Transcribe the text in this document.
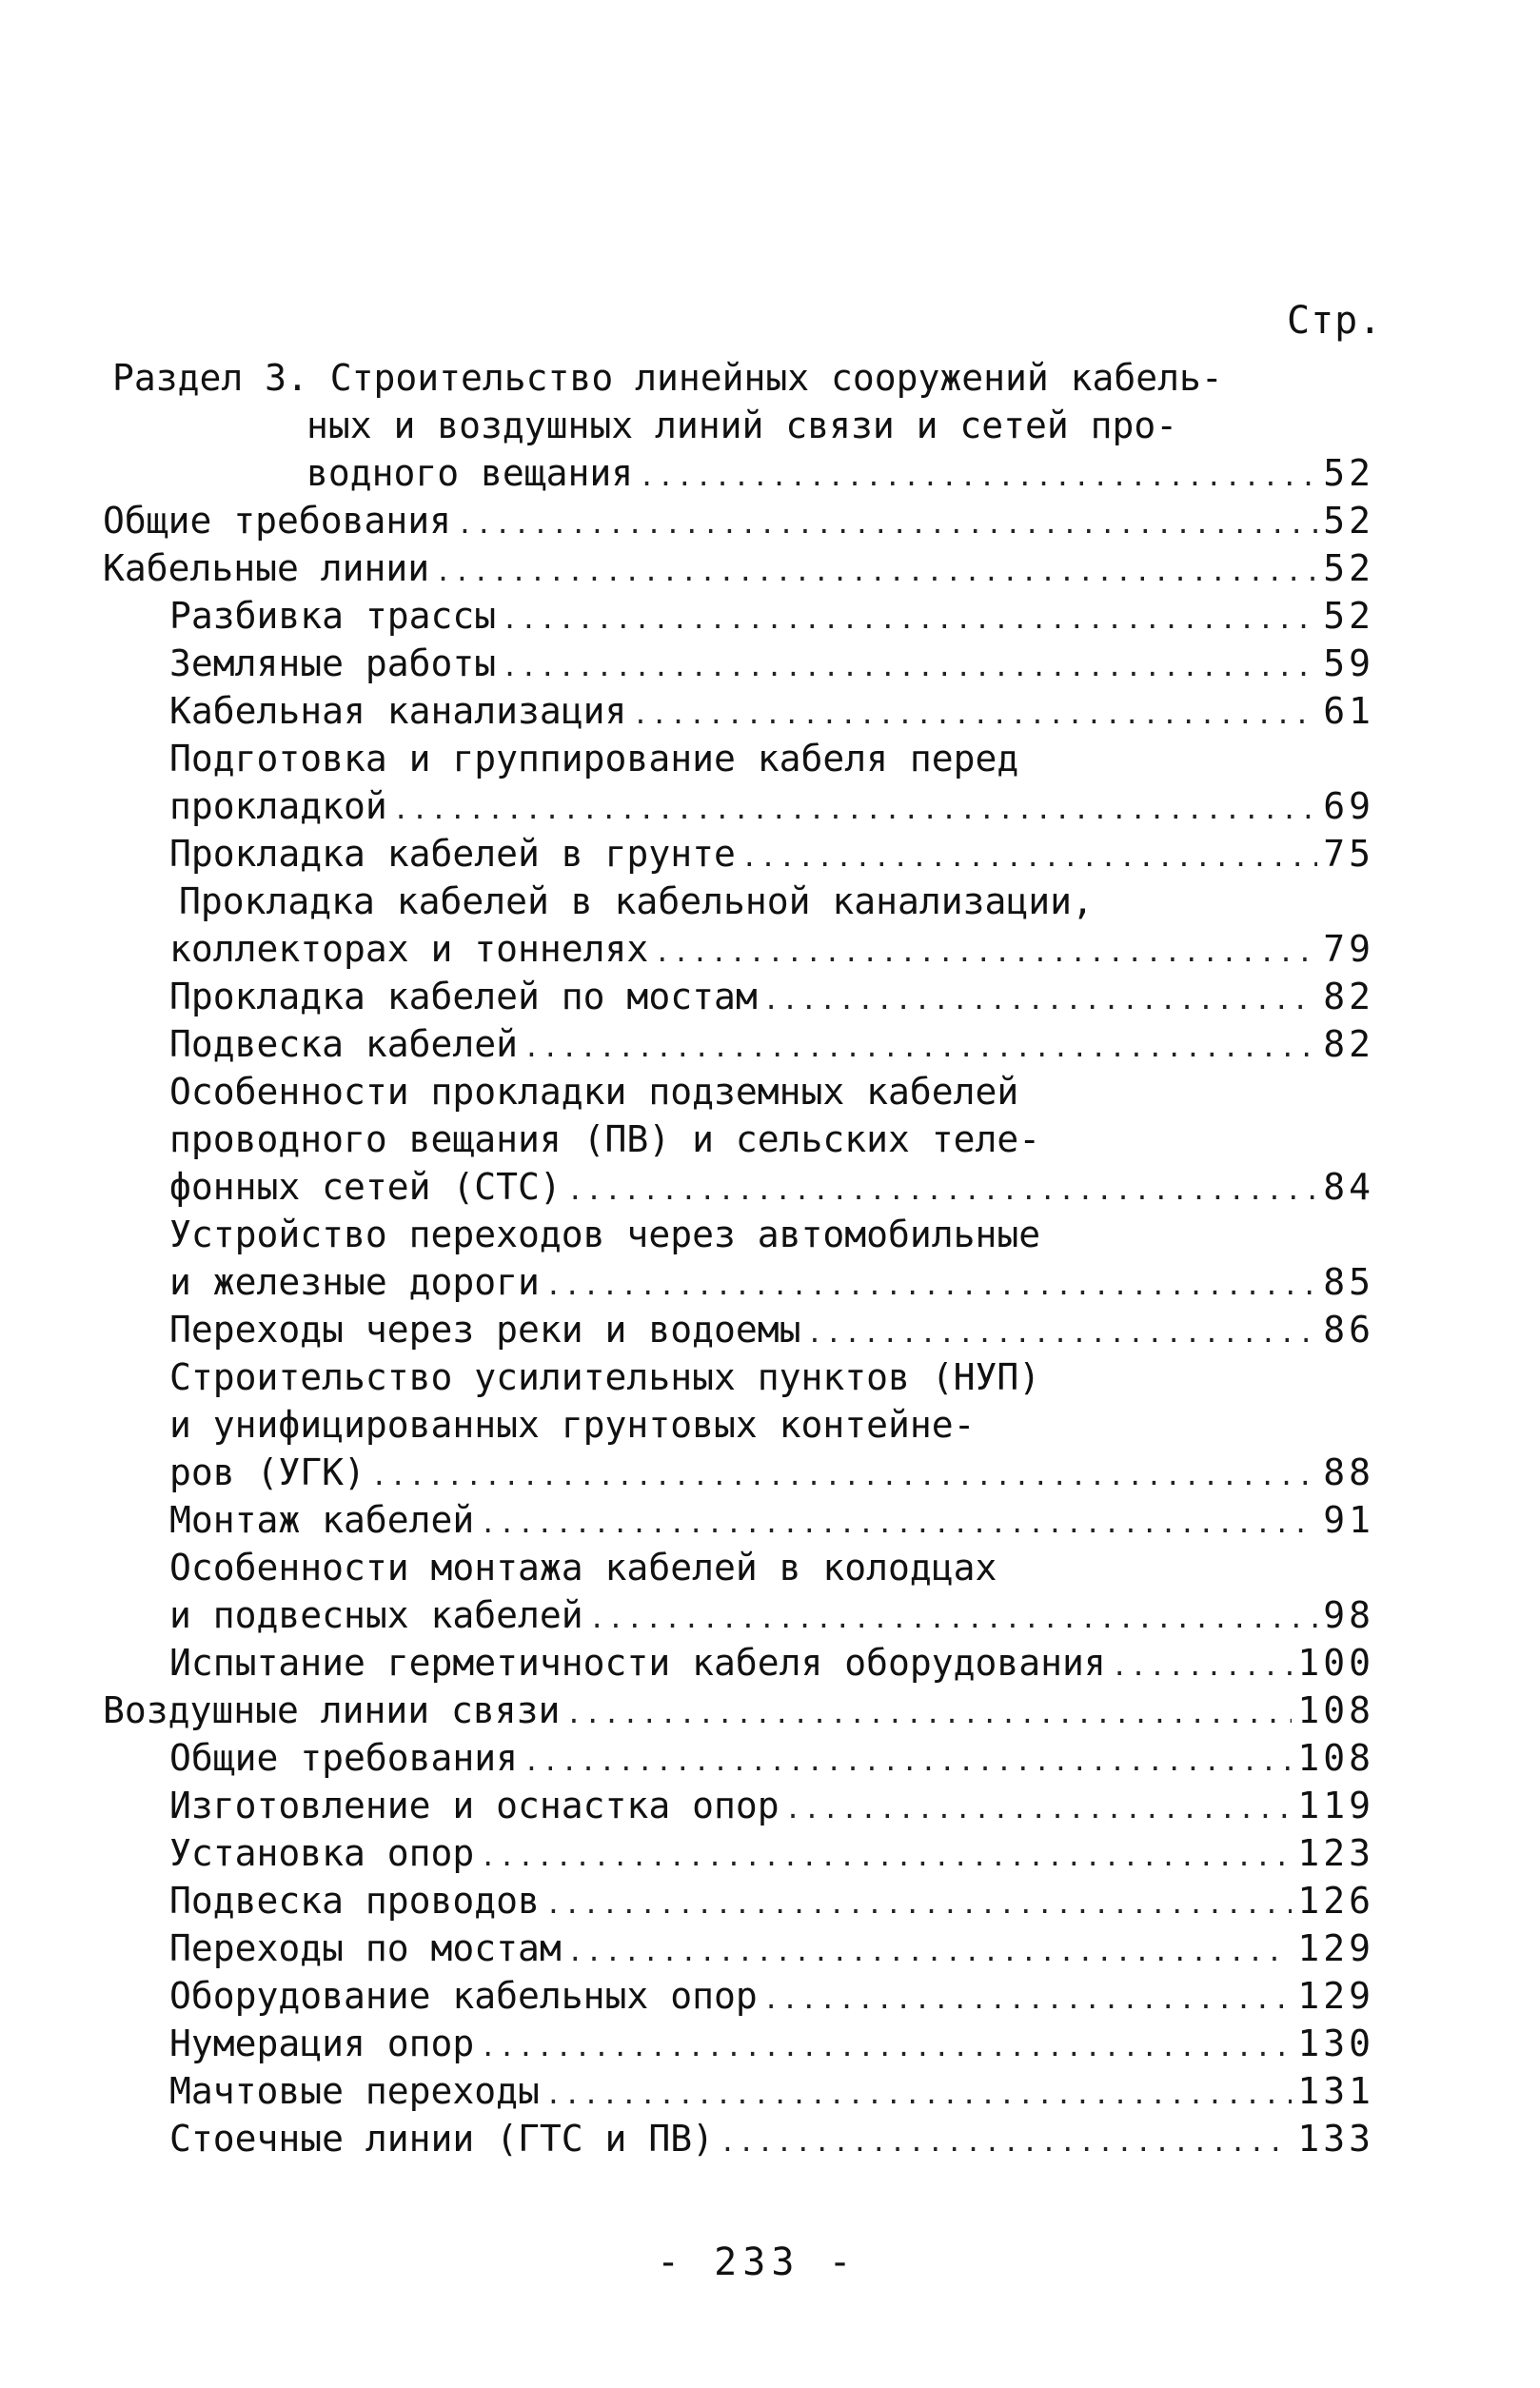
Стр.
Раздел 3. Строительство линейных сооружений кабель-
ных и воздушных линий связи и сетей про-
водного вещания .....	52
Общие требования .....	52
Кабельные линии .....	52
Разбивка трассы .....	52
Земляные работы .....	59
Кабельная канализация .....	61
Подготовка и группирование кабеля перед
прокладкой .....	69
Прокладка кабелей в грунте .....	75
Прокладка кабелей в кабельной канализации,
коллекторах и тоннелях .....	79
Прокладка кабелей по мостам .....	82
Подвеска кабелей .....	82
Особенности прокладки подземных кабелей
проводного вещания (ПВ) и сельских теле-
фонных сетей (СТС) .....	84
Устройство переходов через автомобильные
и железные дороги .....	85
Переходы через реки и водоемы .....	86
Строительство усилительных пунктов (НУП)
и унифицированных грунтовых контейне-
ров (УГК) .....	88
Монтаж кабелей .....	91
Особенности монтажа кабелей в колодцах
и подвесных кабелей .....	98
Испытание герметичности кабеля оборудования .....	100
Воздушные линии связи .....	108
Общие требования .....	108
Изготовление и оснастка опор .....	119
Установка опор .....	123
Подвеска проводов .....	126
Переходы по мостам .....	129
Оборудование кабельных опор .....	129
Нумерация опор .....	130
Мачтовые переходы .....	131
Стоечные линии (ГТС и ПВ) .....	133
- 233 -
